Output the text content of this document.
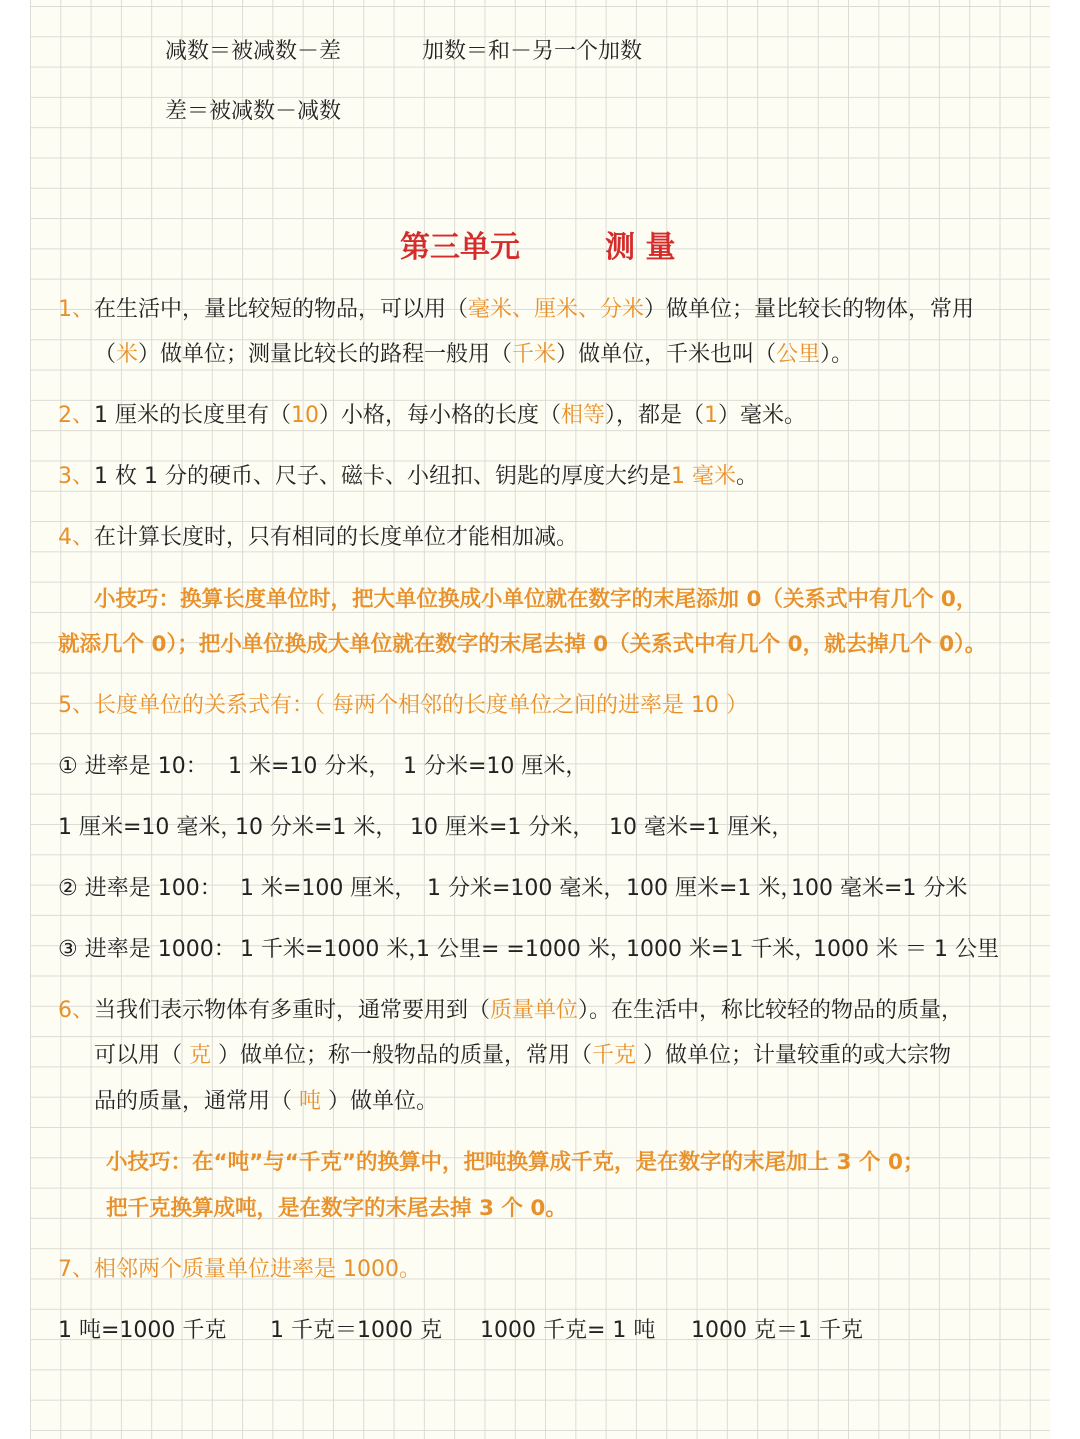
减数＝被减数－差	加数＝和－另一个加数
差＝被减数－减数
第三单元	测 量
1、在生活中，量比较短的物品，可以用（毫米、厘米、分米）做单位；量比较长的物体，常用
（米）做单位；测量比较长的路程一般用（千米）做单位，千米也叫（公里）。
2、1 厘米的长度里有（10）小格，每小格的长度（相等），都是（1）毫米。
3、1 枚 1 分的硬币、尺子、磁卡、小纽扣、钥匙的厚度大约是1 毫米。
4、在计算长度时，只有相同的长度单位才能相加减。
小技巧：换算长度单位时，把大单位换成小单位就在数字的末尾添加 0（关系式中有几个 0，
就添几个 0）；把小单位换成大单位就在数字的末尾去掉 0（关系式中有几个 0，就去掉几个 0）。
5、长度单位的关系式有：（ 每两个相邻的长度单位之间的进率是 10 ）
① 进率是 10： 1 米=10 分米， 1 分米=10 厘米，
1 厘米=10 毫米，
10 分米=1 米， 10 厘米=1 分米， 10 毫米=1 厘米，
② 进率是 100： 1 米=100 厘米， 1 分米=100 毫米， 100 厘米=1 米，
100 毫米=1 分米
③ 进率是 1000： 1 千米=1000 米，
1 公里= =1000 米，
1000 米=1 千米，
1000 米 ＝ 1 公里
6、当我们表示物体有多重时，通常要用到（质量单位）。在生活中，称比较轻的物品的质量，
可以用（ 克 ）做单位；称一般物品的质量，常用（千克 ）做单位；计量较重的或大宗物
品的质量，通常用（ 吨 ）做单位。
小技巧：在“吨”与“千克”的换算中，把吨换算成千克，是在数字的末尾加上 3 个 0；
把千克换算成吨，是在数字的末尾去掉 3 个 0。
7、相邻两个质量单位进率是 1000。
1 吨=1000 千克 1 千克＝1000 克 1000 千克= 1 吨 1000 克＝1 千克
